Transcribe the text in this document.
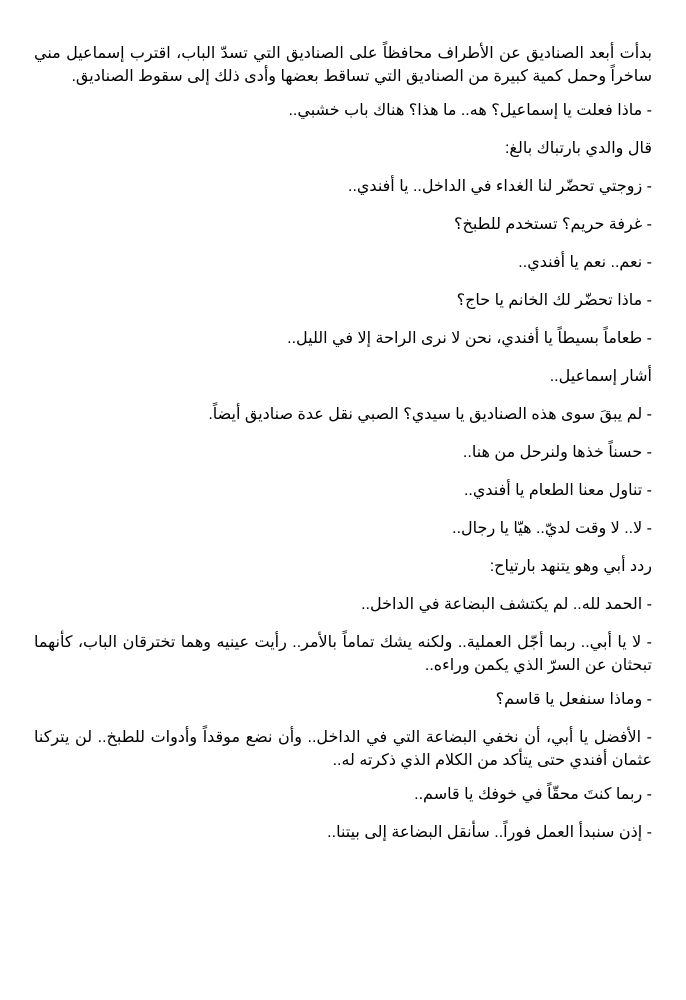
بدأت أبعد الصناديق عن الأطراف محافظاً على الصناديق التي تسدّ الباب، اقترب إسماعيل مني ساخراً وحمل كمية كبيرة من الصناديق التي تساقط بعضها وأدى ذلك إلى سقوط الصناديق.

- ماذا فعلت يا إسماعيل؟ هه.. ما هذا؟ هناك باب خشبي..

قال والدي بارتباك بالغ:

- زوجتي تحضّر لنا الغداء في الداخل.. يا أفندي..

- غرفة حريم؟ تستخدم للطبخ؟

- نعم.. نعم يا أفندي..

- ماذا تحضّر لك الخانم يا حاج؟

- طعاماً بسيطاً يا أفندي، نحن لا نرى الراحة إلا في الليل..

أشار إسماعيل..

- لم يبقَ سوى هذه الصناديق يا سيدي؟ الصبي نقل عدة صناديق أيضاً.

- حسناً خذها ولنرحل من هنا..

- تناول معنا الطعام يا أفندي..

- لا.. لا وقت لديّ.. هيّا يا رجال..

ردد أبي وهو يتنهد بارتياح:

- الحمد لله.. لم يكتشف البضاعة في الداخل..

- لا يا أبي.. ربما أجّل العملية.. ولكنه يشك تماماً بالأمر.. رأيت عينيه وهما تخترقان الباب، كأنهما تبحثان عن السرّ الذي يكمن وراءه..

- وماذا سنفعل يا قاسم؟

- الأفضل يا أبي، أن نخفي البضاعة التي في الداخل.. وأن نضع موقداً وأدوات للطبخ.. لن يتركنا عثمان أفندي حتى يتأكد من الكلام الذي ذكرته له..

- ربما كنتَ محقّاً في خوفك يا قاسم..

- إذن سنبدأ العمل فوراً.. سأنقل البضاعة إلى بيتنا..
